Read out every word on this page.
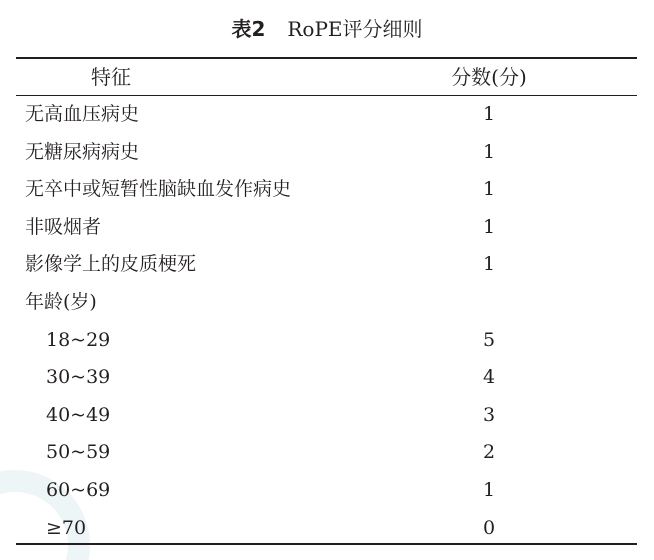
表2 RoPE评分细则
特征	分数(分)
无高血压病史	1
无糖尿病病史	1
无卒中或短暂性脑缺血发作病史	1
非吸烟者	1
影像学上的皮质梗死	1
年龄(岁)
18~29	5
30~39	4
40~49	3
50~59	2
60~69	1
≥70	0
